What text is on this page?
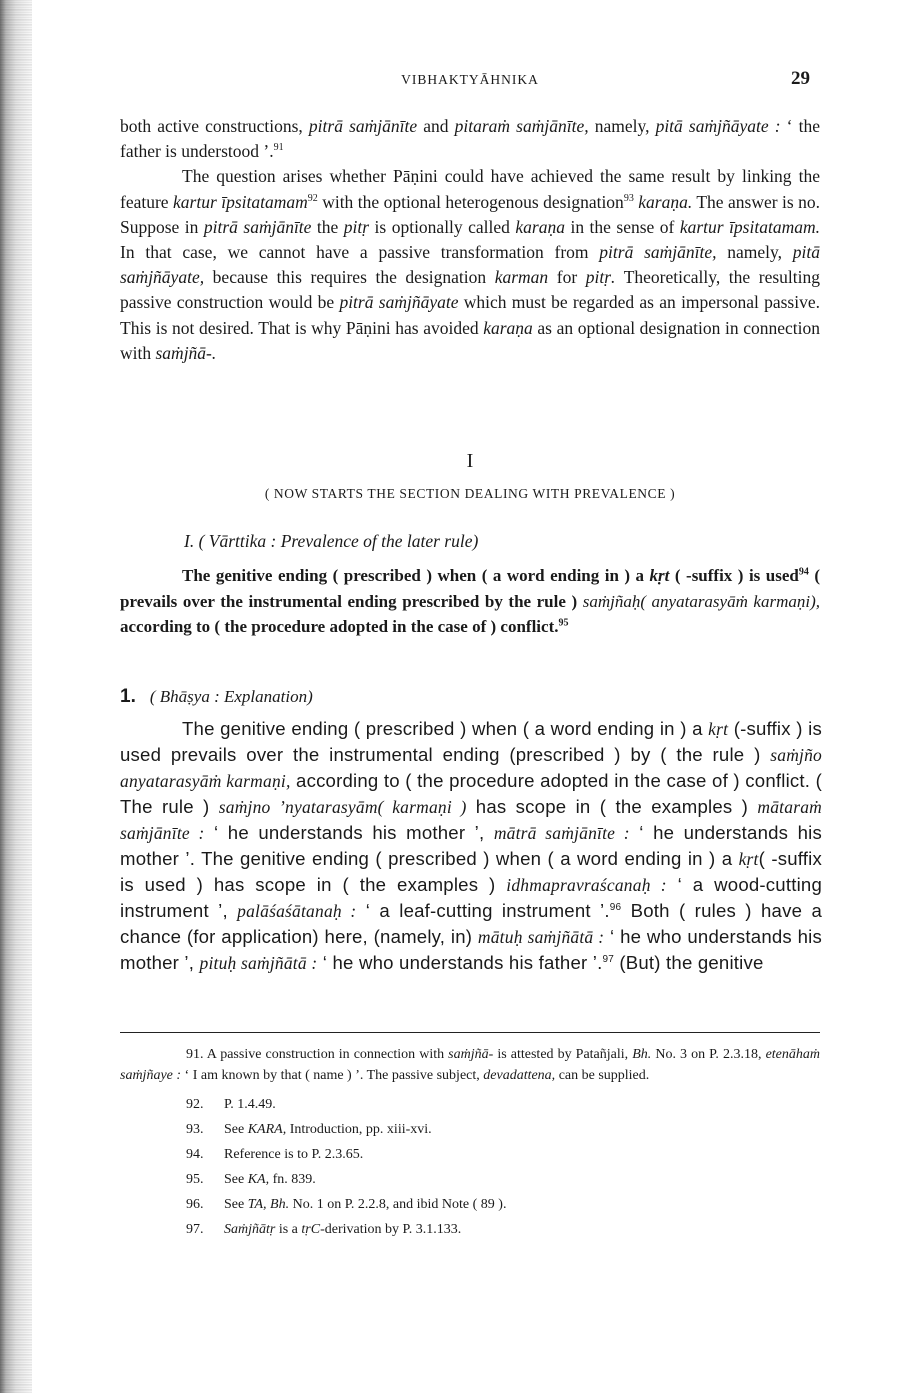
VIBHAKTYĀHNIKA	29

both active constructions, pitrā saṁjānīte and pitaraṁ saṁjānīte, namely, pitā saṁjñāyate : ‘ the father is understood ’.$^{91}$

The question arises whether Pāṇini could have achieved the same result by linking the feature kartur īpsitatamam$^{92}$ with the optional heterogenous designation$^{93}$ karaṇa. The answer is no. Suppose in pitrā saṁjānīte the pitṛ is optionally called karaṇa in the sense of kartur īpsitatamam. In that case, we cannot have a passive transformation from pitrā saṁjānīte, namely, pitā saṁjñāyate, because this requires the designation karman for pitṛ. Theoretically, the resulting passive construction would be pitrā saṁjñāyate which must be regarded as an impersonal passive. This is not desired. That is why Pāṇini has avoided karaṇa as an optional designation in connection with saṁjñā-.

I
( NOW STARTS THE SECTION DEALING WITH PREVALENCE )
I. ( Vārttika : Prevalence of the later rule)

The genitive ending ( prescribed ) when ( a word ending in ) a kṛt ( -suffix ) is used$^{94}$ ( prevails over the instrumental ending prescribed by the rule ) saṁjñaḥ( anyatarasyāṁ karmaṇi), according to ( the procedure adopted in the case of ) conflict.$^{95}$

1. ( Bhāṣya : Explanation)

The genitive ending ( prescribed ) when ( a word ending in ) a kṛt (-suffix ) is used prevails over the instrumental ending (prescribed ) by ( the rule ) saṁjño anyatarasyāṁ karmaṇi, according to ( the procedure adopted in the case of ) conflict. ( The rule ) saṁjno ’nyatarasyām( karmaṇi ) has scope in ( the examples ) mātaraṁ saṁjānīte : ‘ he understands his mother ’, mātrā saṁjānīte : ‘ he understands his mother ’. The genitive ending ( prescribed ) when ( a word ending in ) a kṛt( -suffix is used ) has scope in ( the examples ) idhmapravraścanaḥ : ‘ a wood-cutting instrument ’, palāśaśātanaḥ : ‘ a leaf-cutting instrument ’.$^{96}$ Both ( rules ) have a chance (for application) here, (namely, in) mātuḥ saṁjñātā : ‘ he who understands his mother ’, pituḥ saṁjñātā : ‘ he who understands his father ’.$^{97}$ (But) the genitive

91. A passive construction in connection with saṁjñā- is attested by Patañjali, Bh. No. 3 on P. 2.3.18, etenāhaṁ saṁjñaye : ‘ I am known by that ( name ) ’. The passive subject, devadattena, can be supplied.

92. P. 1.4.49.

93. See KARA, Introduction, pp. xiii-xvi.

94. Reference is to P. 2.3.65.

95. See KA, fn. 839.

96. See TA, Bh. No. 1 on P. 2.2.8, and ibid Note ( 89 ).

97. Saṁjñātṛ is a tṛC-derivation by P. 3.1.133.
